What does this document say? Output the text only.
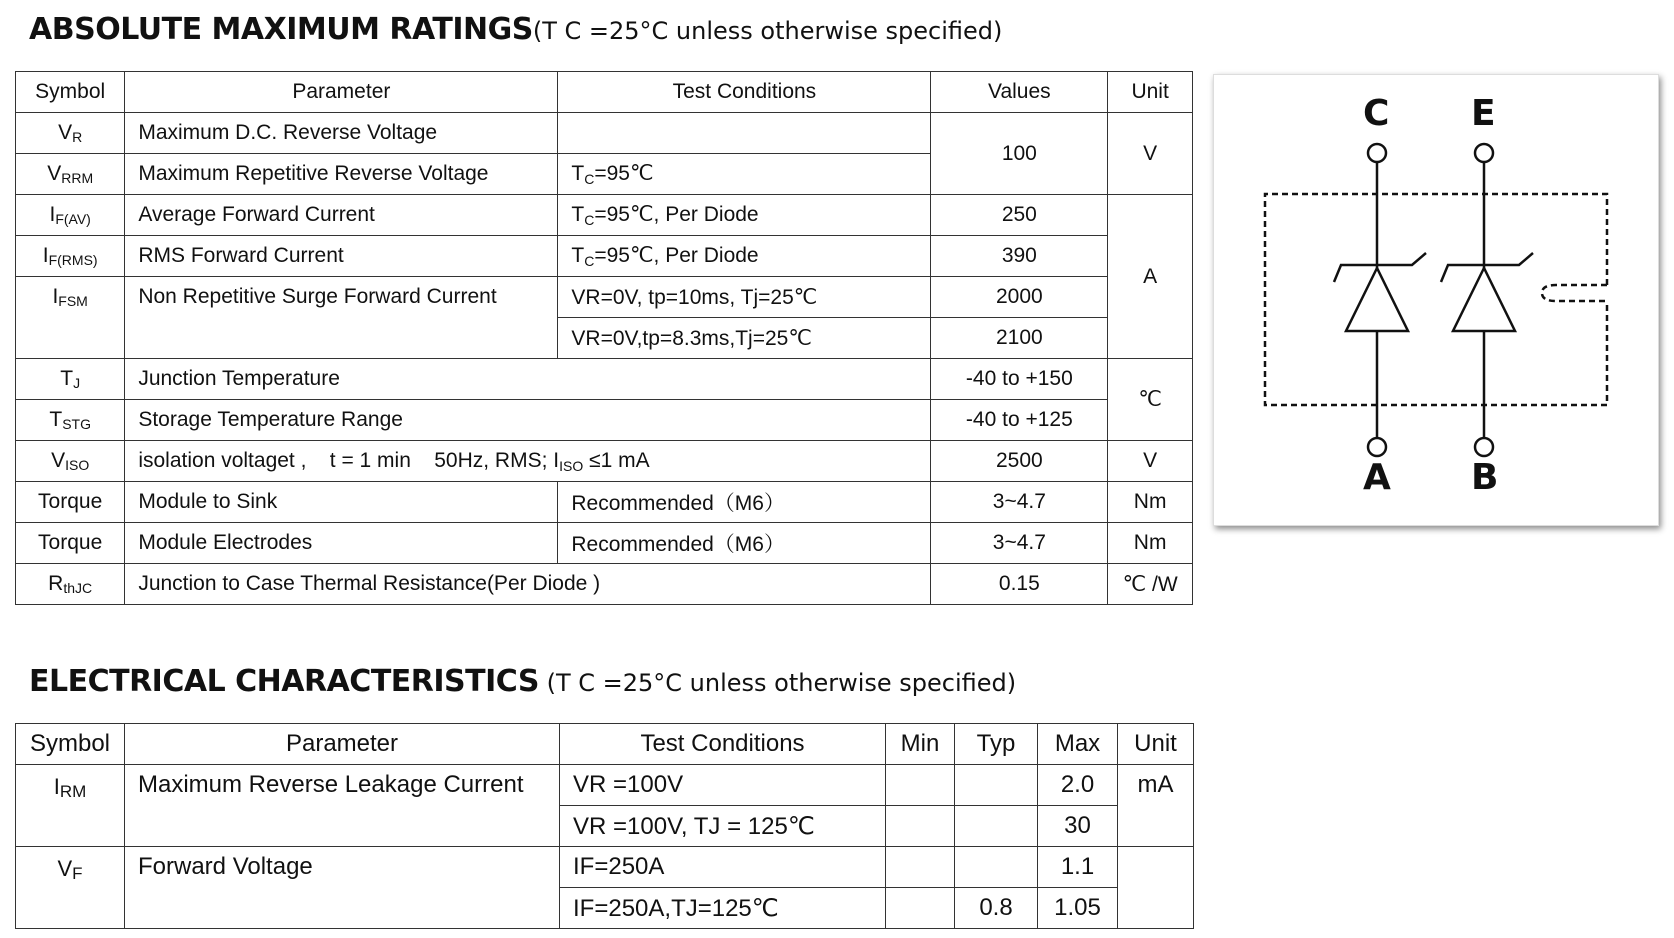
ABSOLUTE MAXIMUM RATINGS(T C =25°C unless otherwise specified)
Symbol	Parameter	Test Conditions	Values	Unit
$V_R$	Maximum D.C. Reverse Voltage		100	V
$V_{RRM}$	Maximum Repetitive Reverse Voltage	$T_C=95℃$		
$I_{F(AV)}$	Average Forward Current	$T_C=95℃$, Per Diode	250	A
$I_{F(RMS)}$	RMS Forward Current	$T_C=95℃$, Per Diode	390	
$I_{FSM}$	Non Repetitive Surge Forward Current	VR=0V, tp=10ms, Tj=25℃	2000	
		VR=0V,tp=8.3ms,Tj=25℃	2100	
$T_J$	Junction Temperature		-40 to +150	℃
$T_{STG}$	Storage Temperature Range		-40 to +125	
$V_{ISO}$	isolation voltaget ,    t = 1 min    50Hz, RMS; $I_{ISO} \le 1$ mA		2500	V
Torque	Module to Sink	Recommended（M6）	3~4.7	Nm
Torque	Module Electrodes	Recommended（M6）	3~4.7	Nm
$R_{thJC}$	Junction to Case Thermal Resistance(Per Diode )		0.15	℃ /W
C E
A B
ELECTRICAL CHARACTERISTICS (T C =25°C unless otherwise specified)
Symbol	Parameter	Test Conditions	Min	Typ	Max	Unit
$I_{RM}$	Maximum Reverse Leakage Current	VR =100V			2.0	mA
		VR =100V, TJ = 125℃			30	
$V_F$	Forward Voltage	IF=250A			1.1	
		IF=250A,TJ=125℃		0.8	1.05	
